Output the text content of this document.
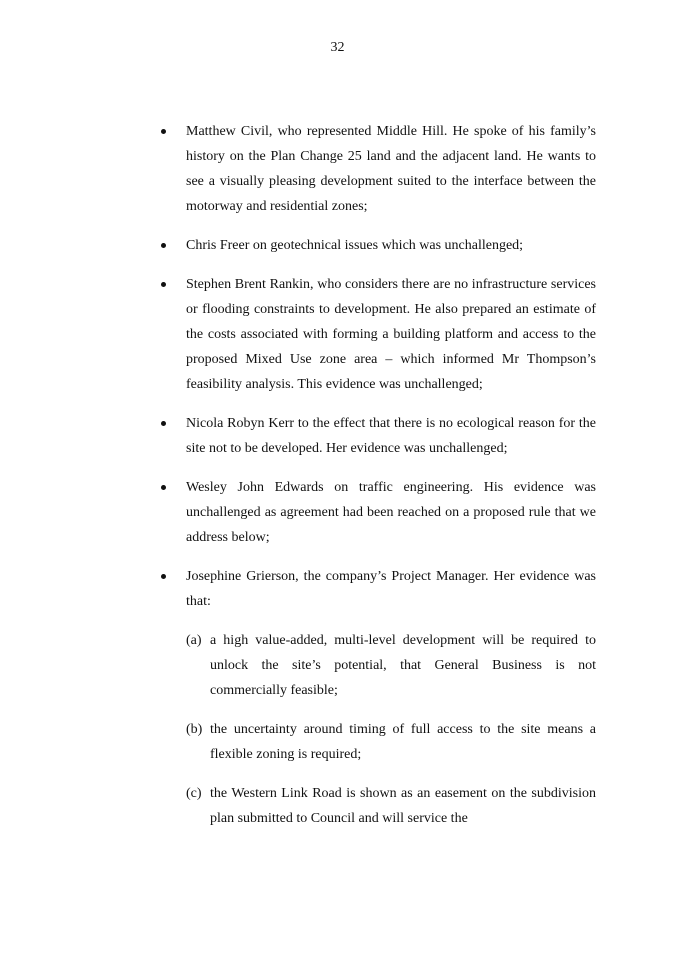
32
Matthew Civil, who represented Middle Hill. He spoke of his family’s history on the Plan Change 25 land and the adjacent land. He wants to see a visually pleasing development suited to the interface between the motorway and residential zones;
Chris Freer on geotechnical issues which was unchallenged;
Stephen Brent Rankin, who considers there are no infrastructure services or flooding constraints to development. He also prepared an estimate of the costs associated with forming a building platform and access to the proposed Mixed Use zone area – which informed Mr Thompson’s feasibility analysis. This evidence was unchallenged;
Nicola Robyn Kerr to the effect that there is no ecological reason for the site not to be developed. Her evidence was unchallenged;
Wesley John Edwards on traffic engineering. His evidence was unchallenged as agreement had been reached on a proposed rule that we address below;
Josephine Grierson, the company’s Project Manager. Her evidence was that:
(a) a high value-added, multi-level development will be required to unlock the site’s potential, that General Business is not commercially feasible;
(b) the uncertainty around timing of full access to the site means a flexible zoning is required;
(c) the Western Link Road is shown as an easement on the subdivision plan submitted to Council and will service the
